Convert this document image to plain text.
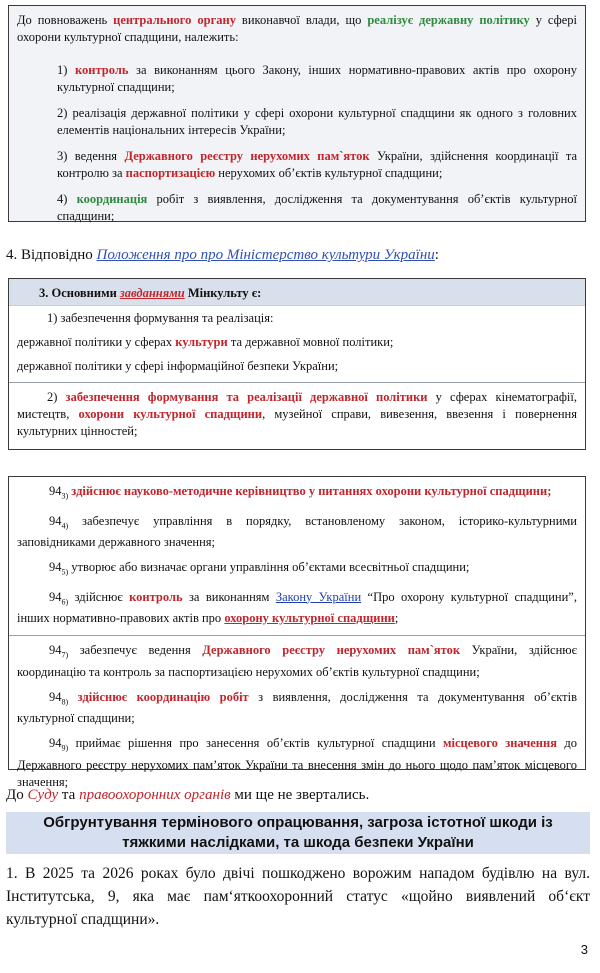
До повноважень центрального органу виконавчої влади, що реалізує державну політику у сфері охорони культурної спадщини, належить:

1) контроль за виконанням цього Закону, інших нормативно-правових актів про охорону культурної спадщини;

2) реалізація державної політики у сфері охорони культурної спадщини як одного з головних елементів національних інтересів України;

3) ведення Державного реєстру нерухомих пам`яток України, здійснення координації та контролю за паспортизацією нерухомих об’єктів культурної спадщини;

4) координація робіт з виявлення, дослідження та документування об’єктів культурної спадщини;

4. Відповідно Положення про про Міністерство культури України:
3. Основними завданнями Мінкульту є:

1) забезпечення формування та реалізація:

державної політики у сферах культури та державної мовної політики;

державної політики у сфері інформаційної безпеки України;

2) забезпечення формування та реалізації державної політики у сферах кінематографії, мистецтв, охорони культурної спадщини, музейної справи, вивезення, ввезення і повернення культурних цінностей;

$94_{3)}$ здійснює науково-методичне керівництво у питаннях охорони культурної спадщини;

$94_{4)}$ забезпечує управління в порядку, встановленому законом, історико-культурними заповідниками державного значення;

$94_{5)}$ утворює або визначає органи управління об’єктами всесвітньої спадщини;

$94_{6)}$ здійснює контроль за виконанням Закону України “Про охорону культурної спадщини”, інших нормативно-правових актів про охорону культурної спадщини;

$94_{7)}$ забезпечує ведення Державного реєстру нерухомих пам`яток України, здійснює координацію та контроль за паспортизацією нерухомих об’єктів культурної спадщини;

$94_{8)}$ здійснює координацію робіт з виявлення, дослідження та документування об’єктів культурної спадщини;

$94_{9)}$ приймає рішення про занесення об’єктів культурної спадщини місцевого значення до Державного реєстру нерухомих пам’яток України та внесення змін до нього щодо пам’яток місцевого значення;

До Суду та правоохоронних органів ми ще не звертались.
Обгрунтування термінового опрацювання, загроза істотної шкоди із
тяжкими наслідками, та шкода безпеки України

1. В 2025 та 2026 роках було двічі пошкоджено ворожим нападом будівлю на вул. Інститутська, 9, яка має пам‘яткоохоронний статус «щойно виявлений об‘єкт культурної спадщини».

3
